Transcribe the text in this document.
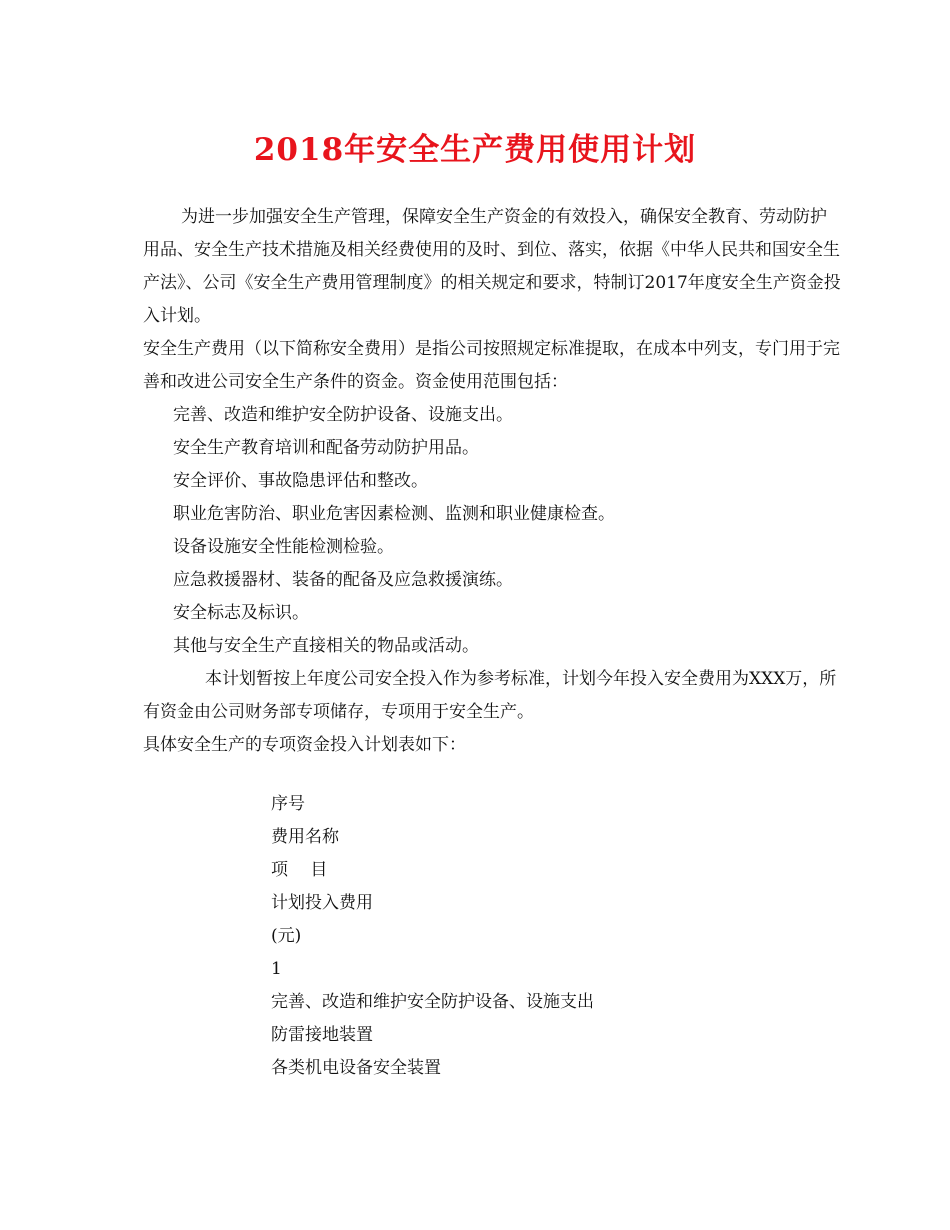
2018年安全生产费用使用计划

为进一步加强安全生产管理，保障安全生产资金的有效投入，确保安全教育、劳动防护用品、安全生产技术措施及相关经费使用的及时、到位、落实，依据《中华人民共和国安全生产法》、公司《安全生产费用管理制度》的相关规定和要求，特制订2017年度安全生产资金投入计划。

安全生产费用（以下简称安全费用）是指公司按照规定标准提取，在成本中列支，专门用于完善和改进公司安全生产条件的资金。资金使用范围包括：

完善、改造和维护安全防护设备、设施支出。

安全生产教育培训和配备劳动防护用品。

安全评价、事故隐患评估和整改。

职业危害防治、职业危害因素检测、监测和职业健康检查。

设备设施安全性能检测检验。

应急救援器材、装备的配备及应急救援演练。

安全标志及标识。

其他与安全生产直接相关的物品或活动。

本计划暂按上年度公司安全投入作为参考标准，计划今年投入安全费用为XXX万，所有资金由公司财务部专项储存，专项用于安全生产。

具体安全生产的专项资金投入计划表如下：

序号
费用名称
项　 目
计划投入费用
(元)
1
完善、改造和维护安全防护设备、设施支出
防雷接地装置
各类机电设备安全装置
